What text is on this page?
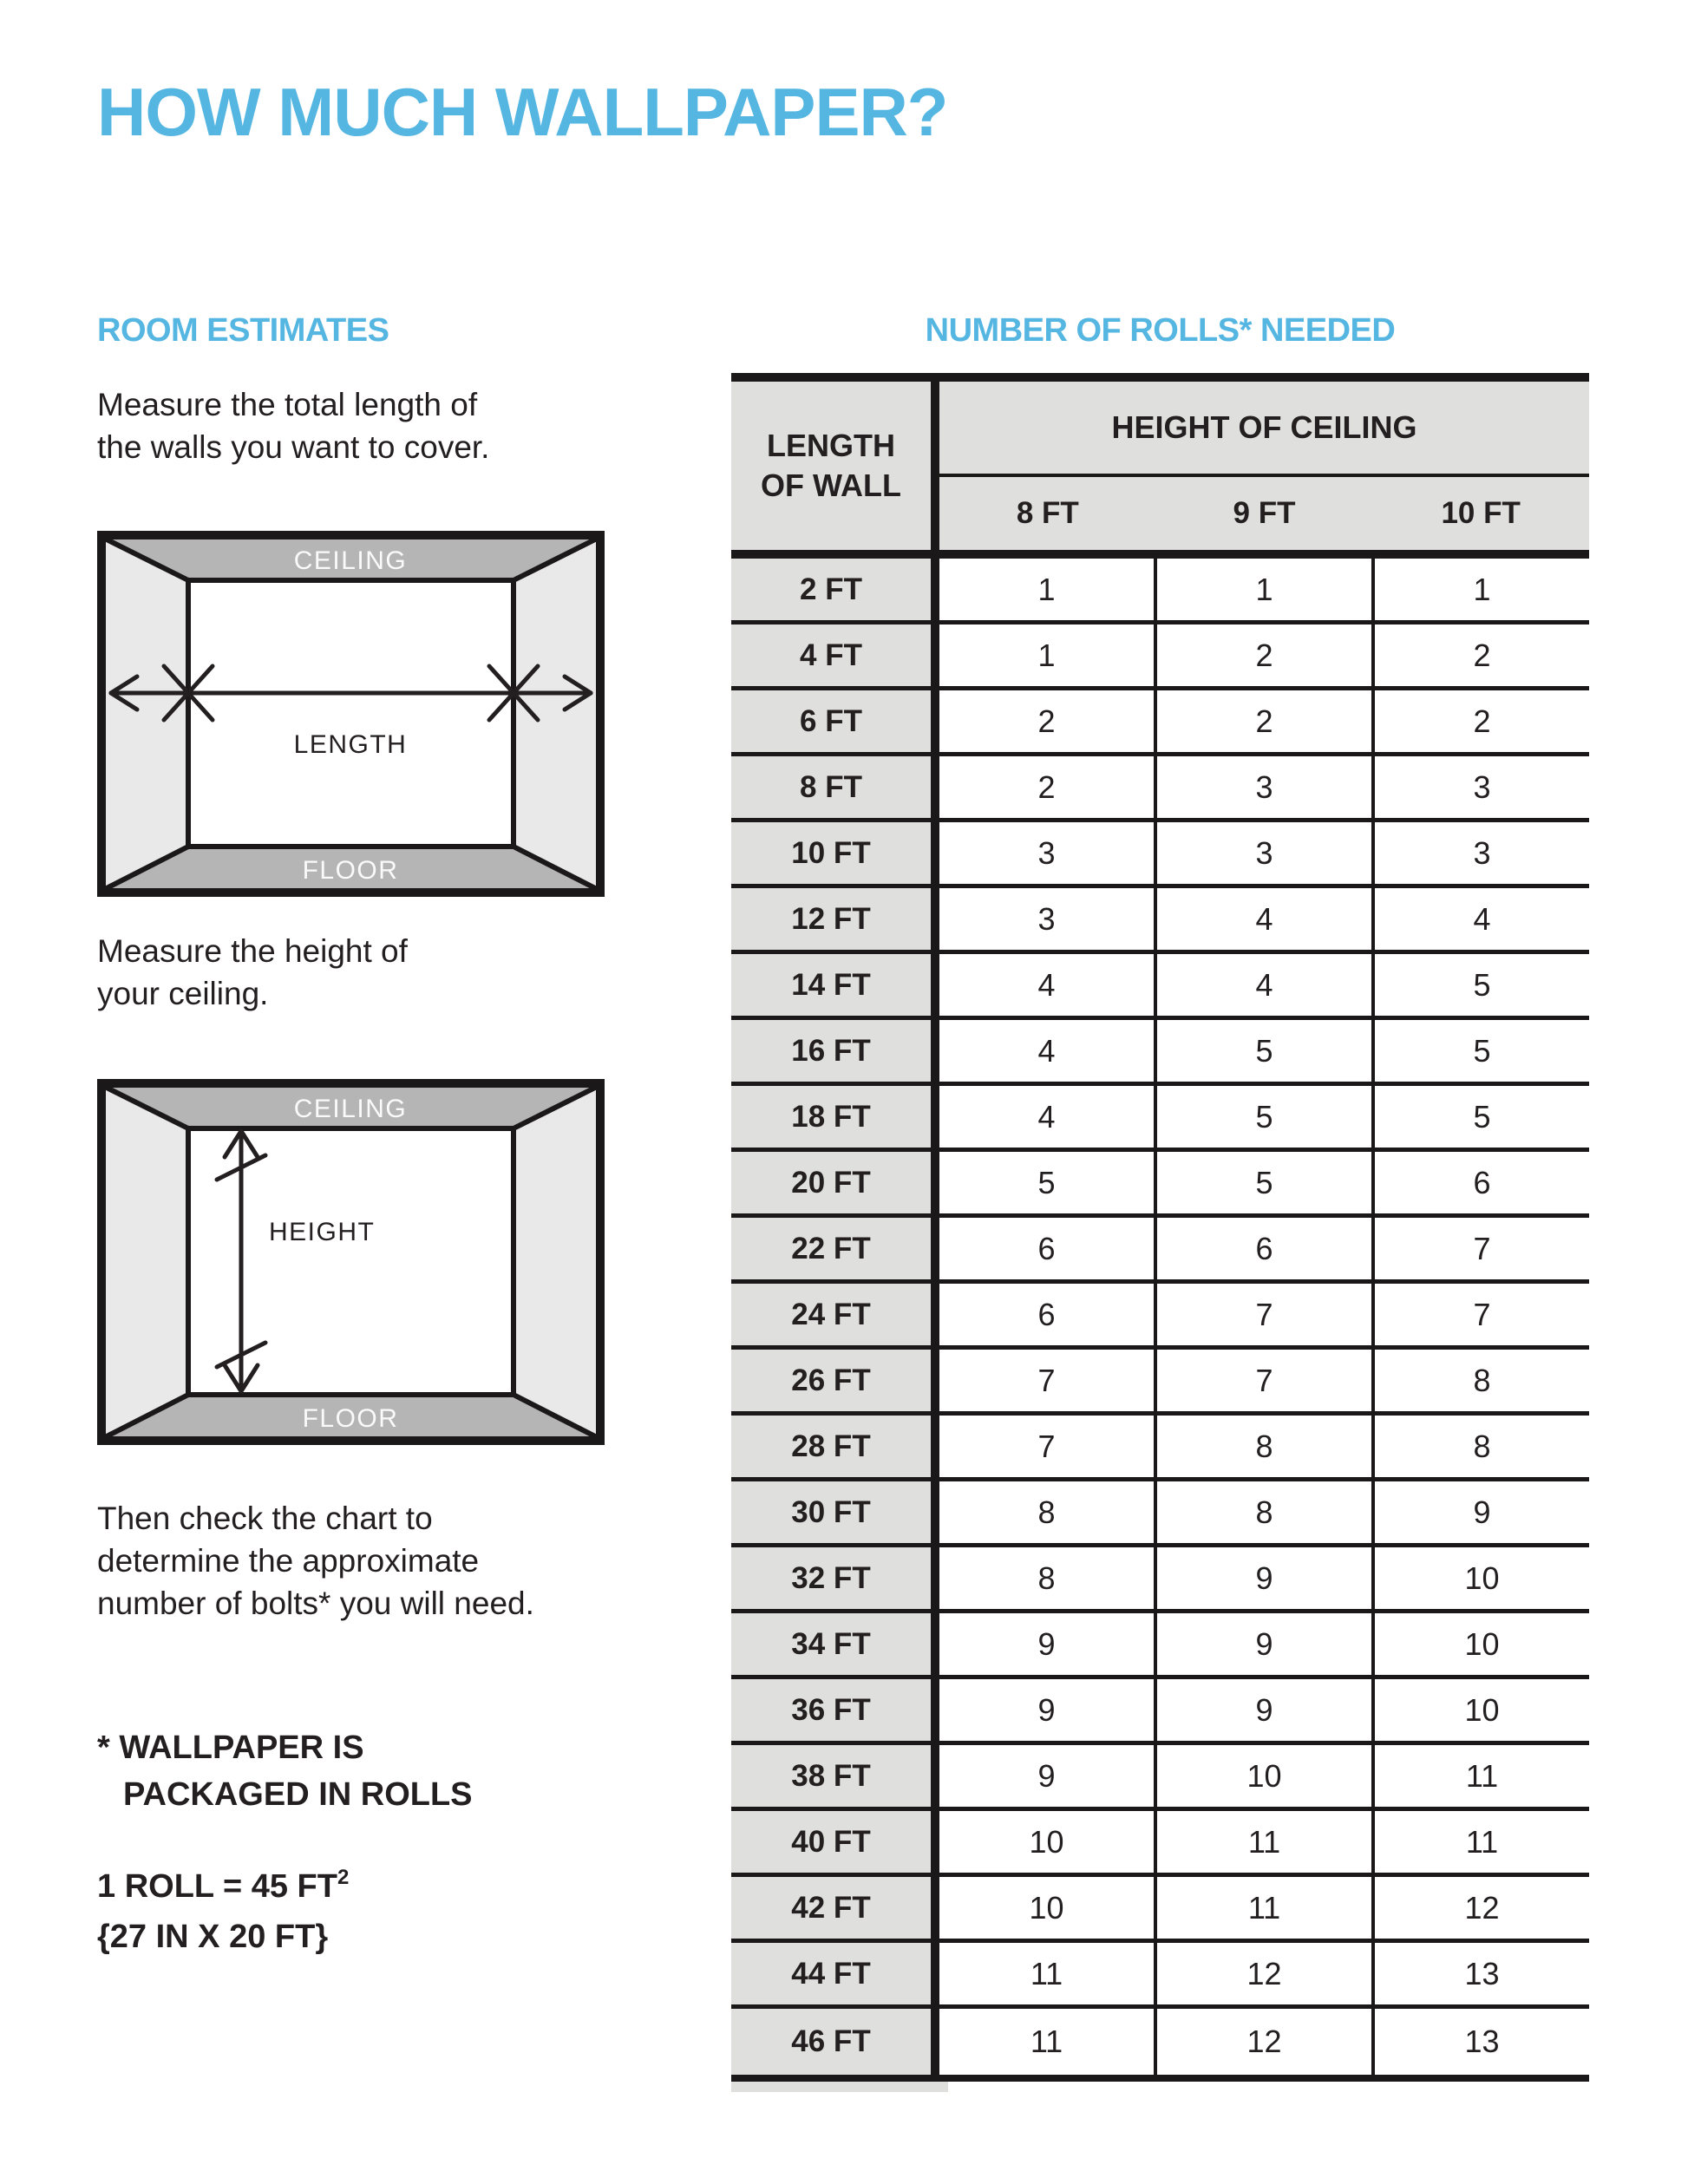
HOW MUCH WALLPAPER?
ROOM ESTIMATES
Measure the total length of
the walls you want to cover.
CEILING
FLOOR
LENGTH
Measure the height of
your ceiling.
CEILING
FLOOR
HEIGHT
Then check the chart to
determine the approximate
number of bolts* you will need.
* WALLPAPER IS
PACKAGED IN ROLLS
1 ROLL = 45 $FT^2$
{27 IN X 20 FT}
NUMBER OF ROLLS* NEEDED
LENGTH
OF WALL
HEIGHT OF CEILING
8 FT	9 FT	10 FT
2 FT	1	1	1
4 FT	1	2	2
6 FT	2	2	2
8 FT	2	3	3
10 FT	3	3	3
12 FT	3	4	4
14 FT	4	4	5
16 FT	4	5	5
18 FT	4	5	5
20 FT	5	5	6
22 FT	6	6	7
24 FT	6	7	7
26 FT	7	7	8
28 FT	7	8	8
30 FT	8	8	9
32 FT	8	9	10
34 FT	9	9	10
36 FT	9	9	10
38 FT	9	10	11
40 FT	10	11	11
42 FT	10	11	12
44 FT	11	12	13
46 FT	11	12	13
